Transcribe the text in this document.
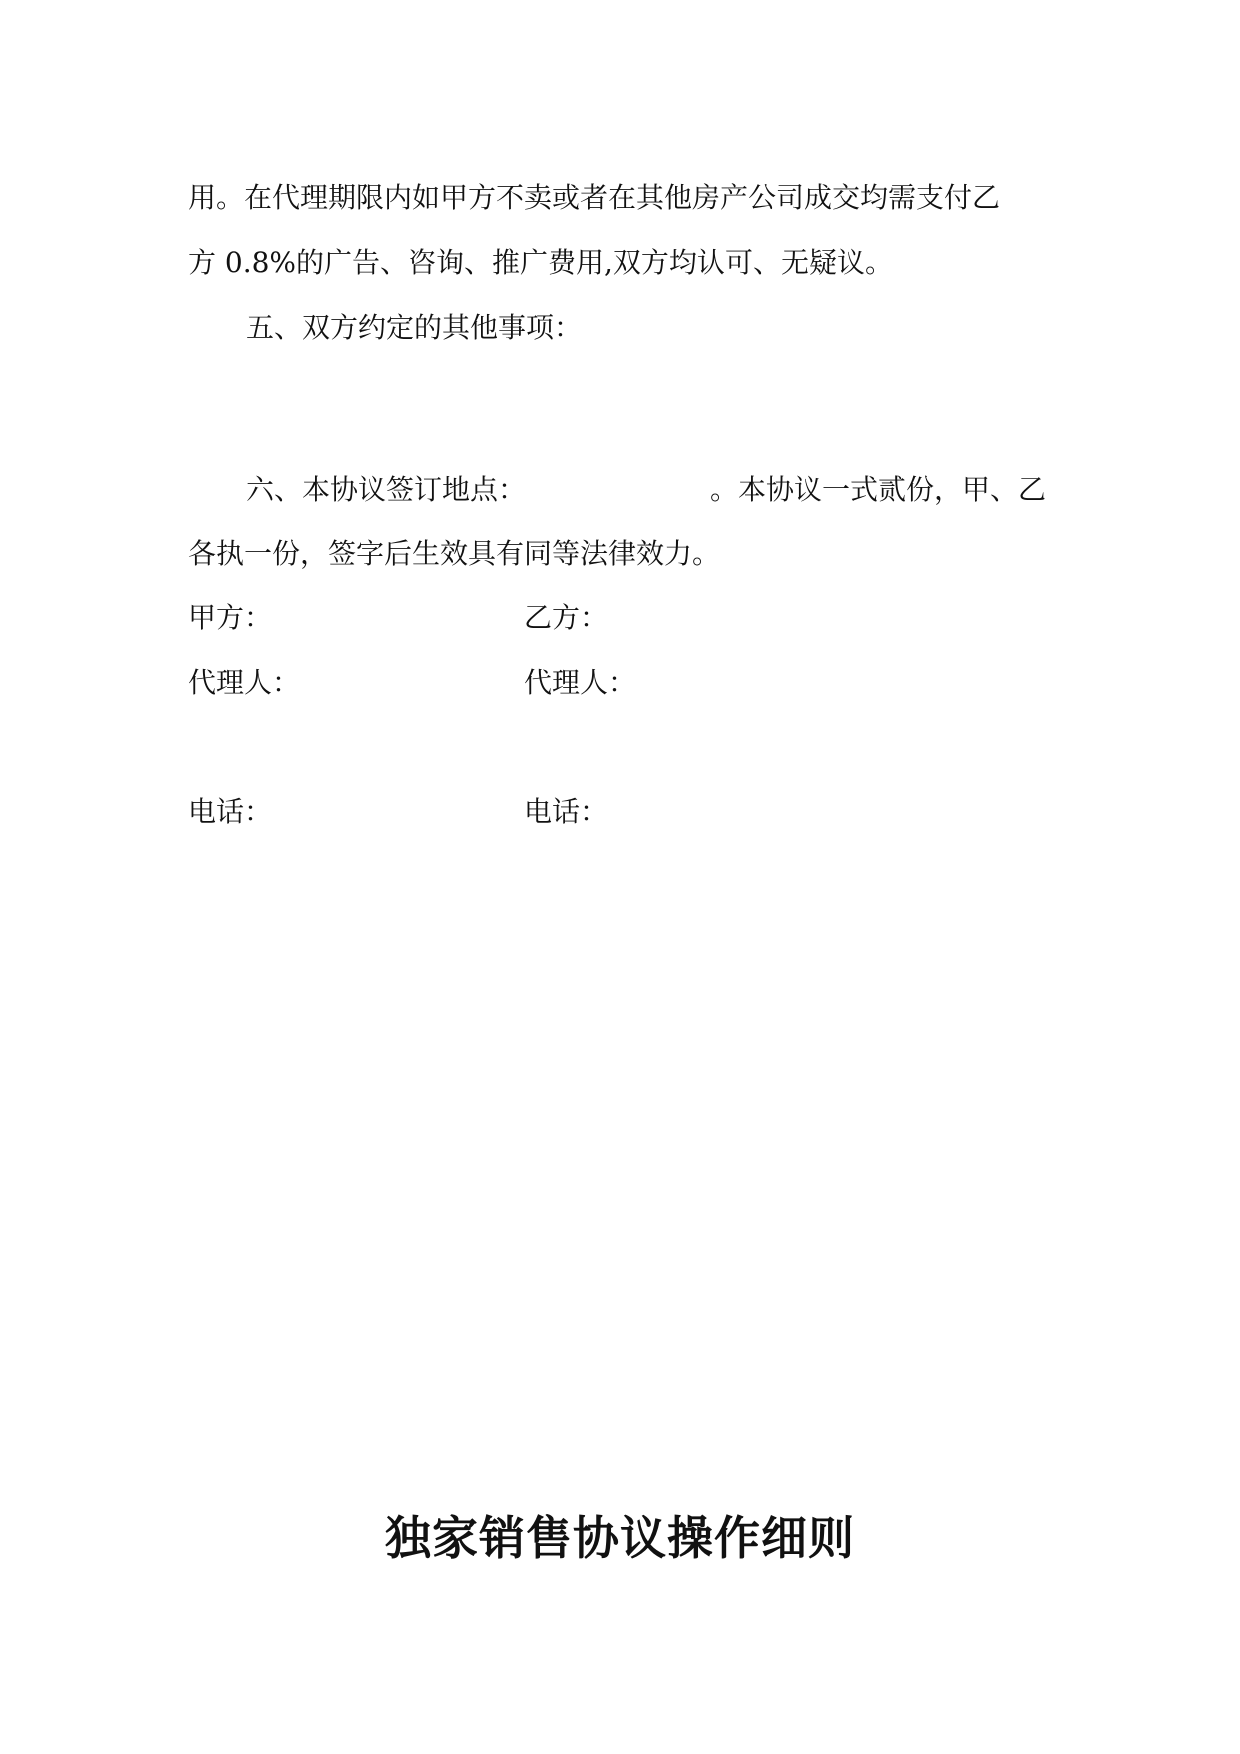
用。在代理期限内如甲方不卖或者在其他房产公司成交均需支付乙
方 0.8%的广告、咨询、推广费用,双方均认可、无疑议。
五、双方约定的其他事项：
六、本协议签订地点：	。本协议一式贰份，甲、乙
各执一份，签字后生效具有同等法律效力。
甲方：	乙方：
代理人：	代理人：
电话：	电话：
独家销售协议操作细则
